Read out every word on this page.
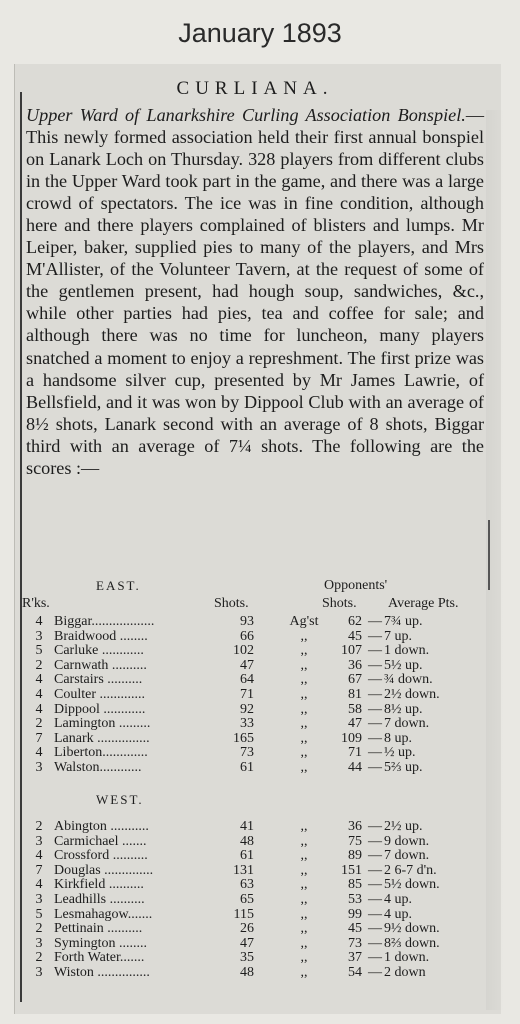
January 1893

CURLIANA.

Upper Ward of Lanarkshire Curling Association Bonspiel.—This newly formed association held their first annual bonspiel on Lanark Loch on Thursday. 328 players from different clubs in the Upper Ward took part in the game, and there was a large crowd of spectators. The ice was in fine condition, although here and there players complained of blisters and lumps. Mr Leiper, baker, supplied pies to many of the players, and Mrs M'Allister, of the Volunteer Tavern, at the request of some of the gentlemen present, had hough soup, sandwiches, &c., while other parties had pies, tea and coffee for sale; and although there was no time for luncheon, many players snatched a moment to enjoy a represhment. The first prize was a handsome silver cup, presented by Mr James Lawrie, of Bellsfield, and it was won by Dippool Club with an average of 8½ shots, Lanark second with an average of 8 shots, Biggar third with an average of 7¼ shots. The following are the scores :—

EAST.	Opponents'
R'ks.	Shots.	Shots. Average Pts.
4 Biggar..................	93	Ag'st	62 — 7¾ up.
3 Braidwood ........	66	,,	45 — 7 up.
5 Carluke ............	102	,,	107 — 1 down.
2 Carnwath ..........	47	,,	36 — 5½ up.
4 Carstairs ..........	64	,,	67 — ¾ down.
4 Coulter .............	71	,,	81 — 2½ down.
4 Dippool ............	92	,,	58 — 8½ up.
2 Lamington .........	33	,,	47 — 7 down.
7 Lanark ...............	165	,,	109 — 8 up.
4 Liberton.............	73	,,	71 — ½ up.
3 Walston............	61	,,	44 — 5⅔ up.
WEST.
2 Abington ...........	41	,,	36 — 2½ up.
3 Carmichael .......	48	,,	75 — 9 down.
4 Crossford ..........	61	,,	89 — 7 down.
7 Douglas ..............	131	,,	151 — 2 6-7 d'n.
4 Kirkfield ..........	63	,,	85 — 5½ down.
3 Leadhills ..........	65	,,	53 — 4 up.
5 Lesmahagow.......	115	,,	99 — 4 up.
2 Pettinain ..........	26	,,	45 — 9½ down.
3 Symington ........	47	,,	73 — 8⅔ down.
2 Forth Water.......	35	,,	37 — 1 down.
3 Wiston ...............	48	,,	54 — 2 down
